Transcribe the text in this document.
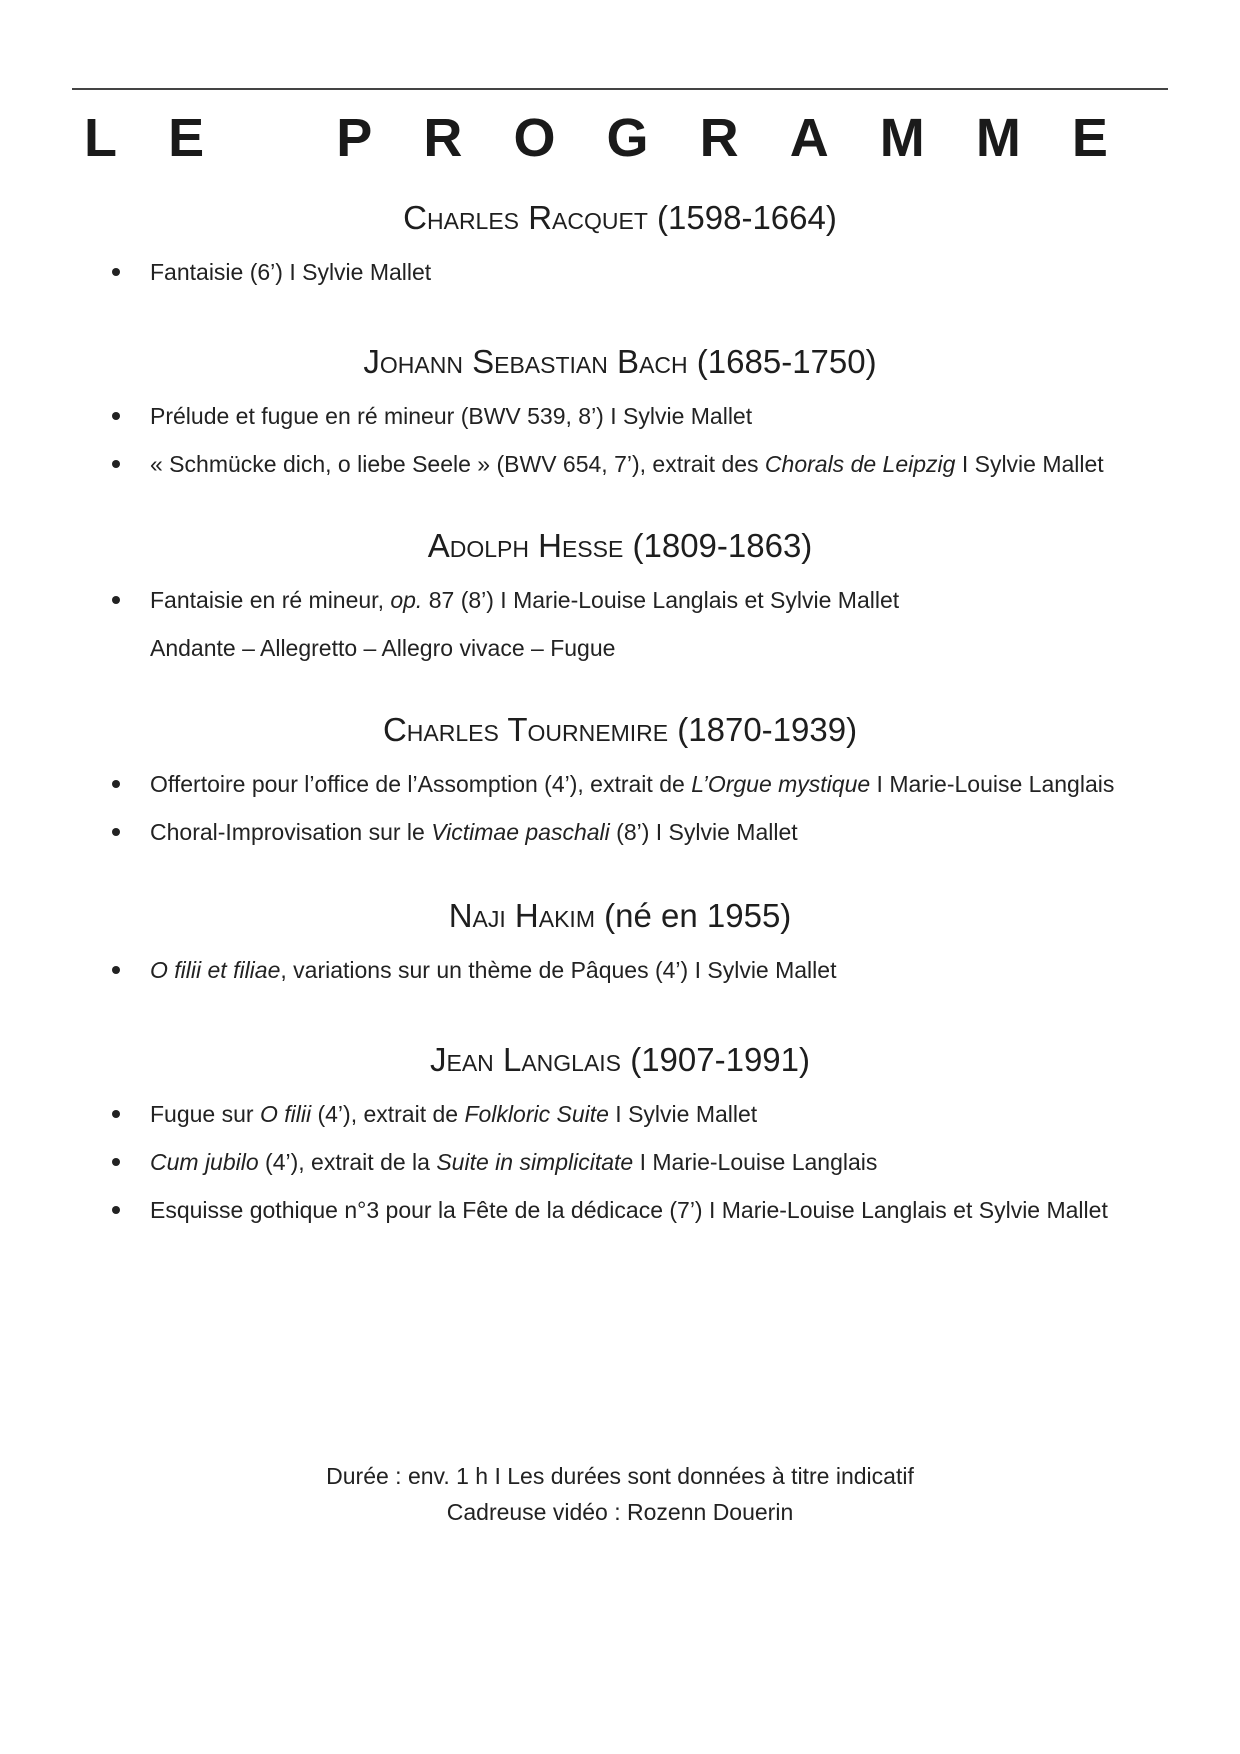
L E P R O G R A M M E
Charles Racquet (1598-1664)
Fantaisie (6’) I Sylvie Mallet
Johann Sebastian Bach (1685-1750)
Prélude et fugue en ré mineur (BWV 539, 8’) I Sylvie Mallet
« Schmücke dich, o liebe Seele » (BWV 654, 7’), extrait des Chorals de Leipzig I Sylvie Mallet
Adolph Hesse (1809-1863)
Fantaisie en ré mineur, op. 87 (8’) I Marie-Louise Langlais et Sylvie Mallet
Andante – Allegretto – Allegro vivace – Fugue
Charles Tournemire (1870-1939)
Offertoire pour l’office de l’Assomption (4’), extrait de L’Orgue mystique I Marie-Louise Langlais
Choral-Improvisation sur le Victimae paschali (8’) I Sylvie Mallet
Naji Hakim (né en 1955)
O filii et filiae, variations sur un thème de Pâques (4’) I Sylvie Mallet
Jean Langlais (1907-1991)
Fugue sur O filii (4’), extrait de Folkloric Suite I Sylvie Mallet
Cum jubilo (4’), extrait de la Suite in simplicitate I Marie-Louise Langlais
Esquisse gothique n°3 pour la Fête de la dédicace (7’) I Marie-Louise Langlais et Sylvie Mallet
Durée : env. 1 h I Les durées sont données à titre indicatif
Cadreuse vidéo : Rozenn Douerin
